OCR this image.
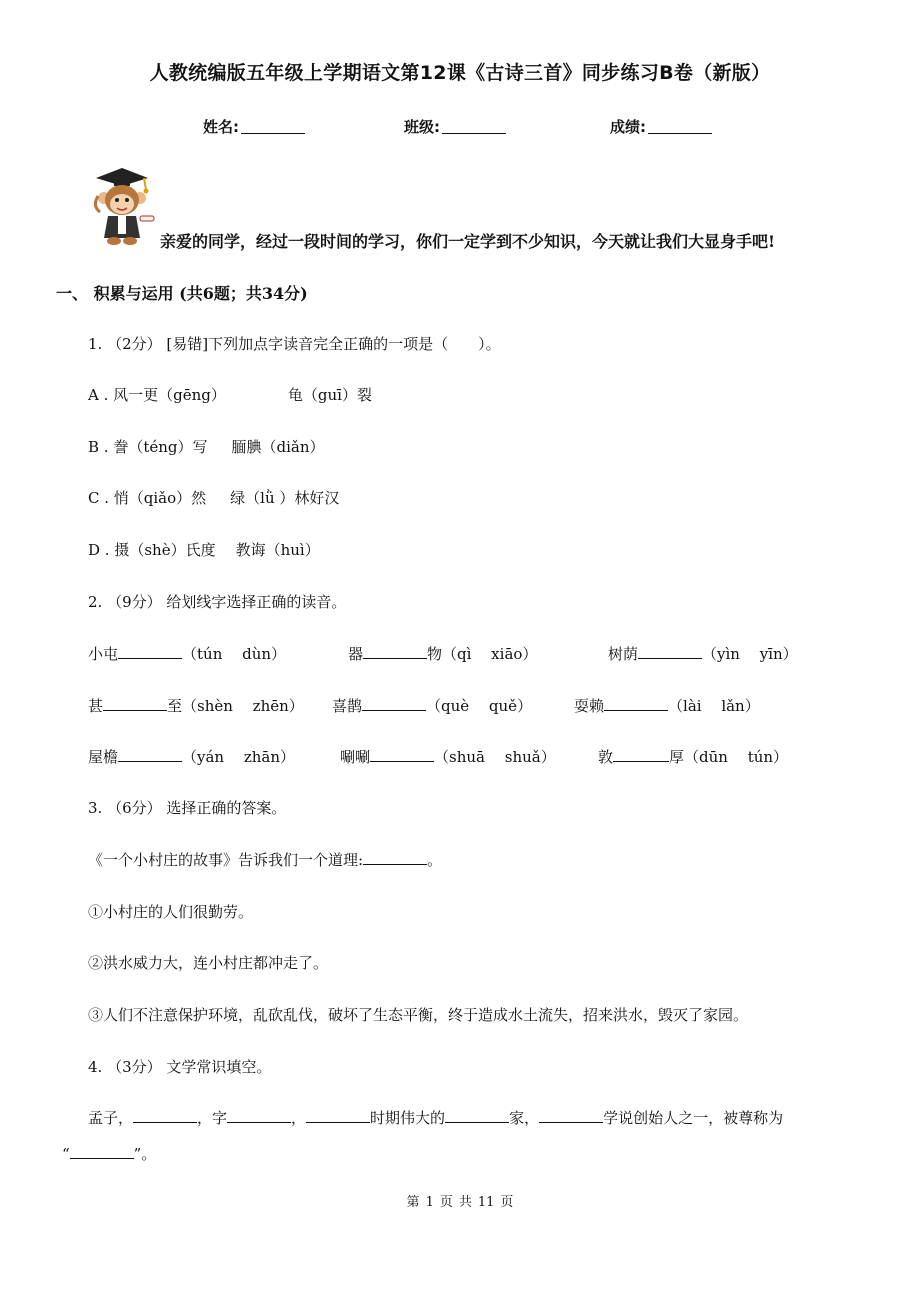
人教统编版五年级上学期语文第12课《古诗三首》同步练习B卷（新版）
姓名:	班级:	成绩:
亲爱的同学，经过一段时间的学习，你们一定学到不少知识，今天就让我们大显身手吧!
一、 积累与运用 (共6题；共34分)
1. （2分） [易错]下列加点字读音完全正确的一项是（　　）。
A . 风一更（gēng）	龟（guī）裂
B . 誊（téng）写 腼腆（diǎn）
C . 悄（qiǎo）然 绿（lǜ ）林好汉
D . 摄（shè）氏度 教诲（huì）
2. （9分） 给划线字选择正确的读音。
小屯	（tún　 dùn）	器	物（qì　 xiāo）	树荫	（yìn　 yīn）
甚	至（shèn　 zhēn） 喜鹊	（què　 quě）	耍赖	（lài　 lǎn）
屋檐	（yán　 zhān）	唰唰	（shuā　 shuǎ）	敦	厚（dūn　 tún）
3. （6分） 选择正确的答案。
《一个小村庄的故事》告诉我们一个道理:	。
①小村庄的人们很勤劳。
②洪水威力大，连小村庄都冲走了。
③人们不注意保护环境，乱砍乱伐，破坏了生态平衡，终于造成水土流失，招来洪水，毁灭了家园。
4. （3分） 文学常识填空。
孟子，	，字	，	时期伟大的	家，	学说创始人之一，被尊称为
“	”。
第 1 页 共 11 页
